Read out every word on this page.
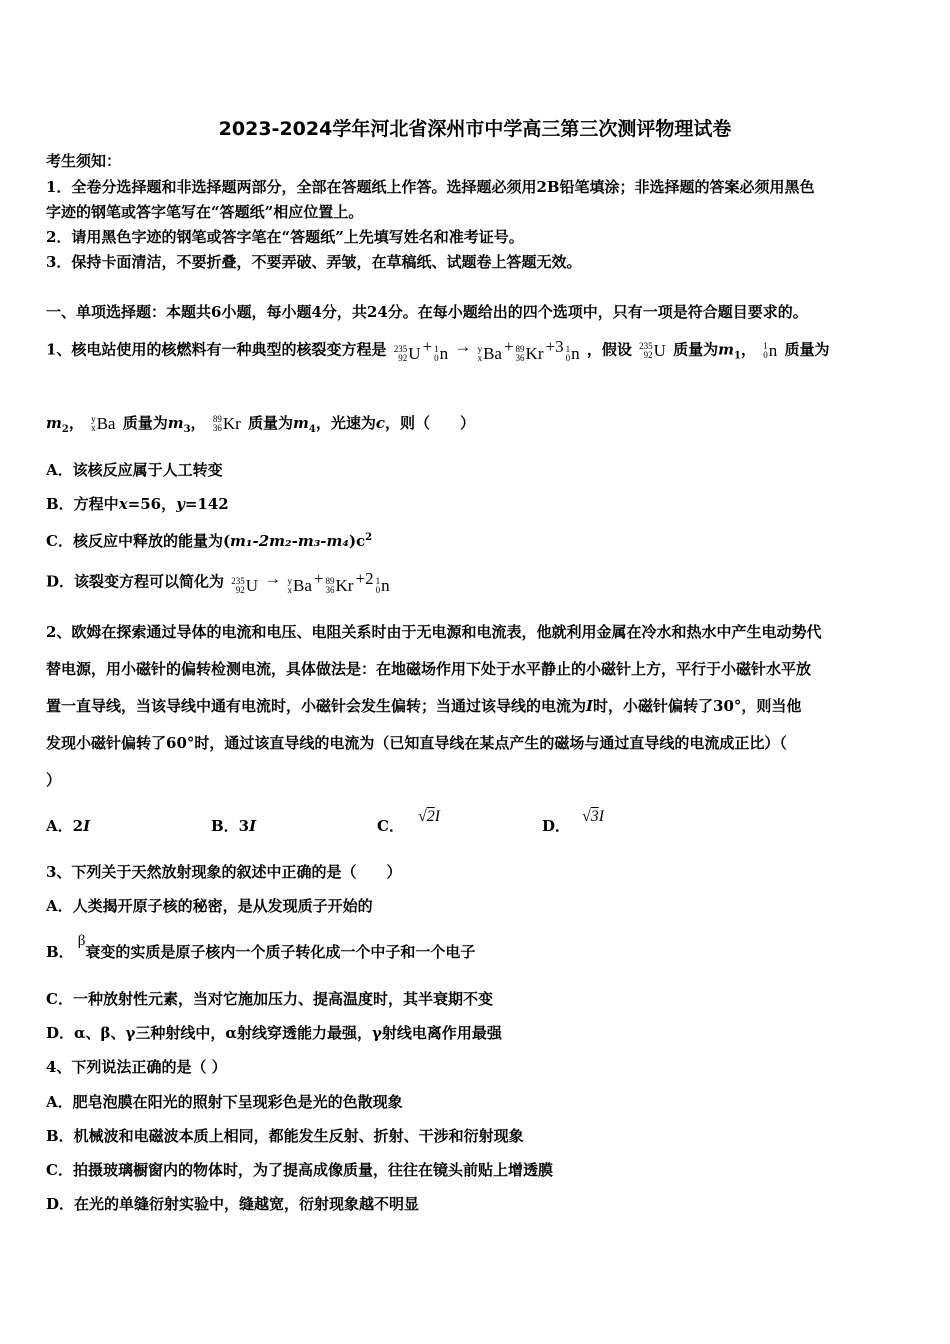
2023-2024学年河北省深州市中学高三第三次测评物理试卷
考生须知：
1．全卷分选择题和非选择题两部分，全部在答题纸上作答。选择题必须用2B铅笔填涂；非选择题的答案必须用黑色
字迹的钢笔或答字笔写在“答题纸”相应位置上。
2．请用黑色字迹的钢笔或答字笔在“答题纸”上先填写姓名和准考证号。
3．保持卡面清洁，不要折叠，不要弄破、弄皱，在草稿纸、试题卷上答题无效。
一、单项选择题：本题共6小题，每小题4分，共24分。在每小题给出的四个选项中，只有一项是符合题目要求的。
1、核电站使用的核燃料有一种典型的核裂变方程是 235
92 U + 1
0 n → y
x Ba + 89
36 Kr +3 1
0 n ，假设 235
92 U 质量为$m_1$， 1
0 n 质量为
$m_2$， y
x Ba 质量为$m_3$， 89
36 Kr 质量为$m_4$，光速为c，则（　　）
A．该核反应属于人工转变
B．方程中x=56，y=142
C．核反应中释放的能量为$(m_1-2m_2-m_3-m_4)c^2$
D．该裂变方程可以简化为 235
92 U → y
x Ba + 89
36 Kr +2 1
0 n
2、欧姆在探索通过导体的电流和电压、电阻关系时由于无电源和电流表，他就利用金属在冷水和热水中产生电动势代
替电源，用小磁针的偏转检测电流，具体做法是：在地磁场作用下处于水平静止的小磁针上方，平行于小磁针水平放
置一直导线，当该导线中通有电流时，小磁针会发生偏转；当通过该导线的电流为I时，小磁针偏转了30°，则当他
发现小磁针偏转了60°时，通过该直导线的电流为（已知直导线在某点产生的磁场与通过直导线的电流成正比）（
）
A．2I	B．3I	C．√2I
D．√3I
3、下列关于天然放射现象的叙述中正确的是（　　）
A．人类揭开原子核的秘密，是从发现质子开始的
B．β衰变的实质是原子核内一个质子转化成一个中子和一个电子
C．一种放射性元素，当对它施加压力、提高温度时，其半衰期不变
D．α、β、γ三种射线中，α射线穿透能力最强，γ射线电离作用最强
4、下列说法正确的是（ ）
A．肥皂泡膜在阳光的照射下呈现彩色是光的色散现象
B．机械波和电磁波本质上相同，都能发生反射、折射、干涉和衍射现象
C．拍摄玻璃橱窗内的物体时，为了提高成像质量，往往在镜头前贴上增透膜
D．在光的单缝衍射实验中，缝越宽，衍射现象越不明显
